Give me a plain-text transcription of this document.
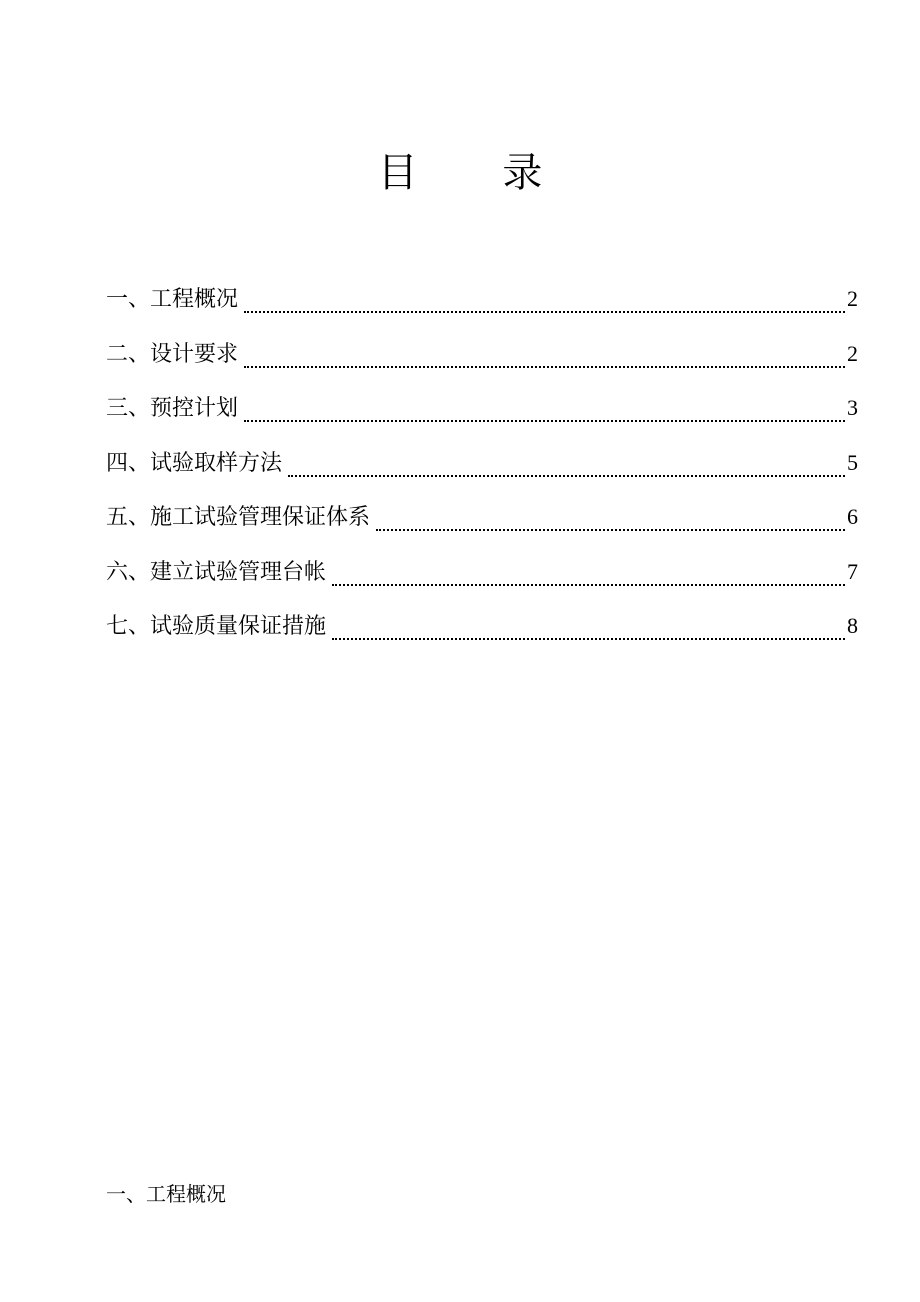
目 录
一、工程概况	2
二、设计要求	2
三、预控计划	3
四、试验取样方法	5
五、施工试验管理保证体系	6
六、建立试验管理台帐	7
七、试验质量保证措施	8
一、工程概况
